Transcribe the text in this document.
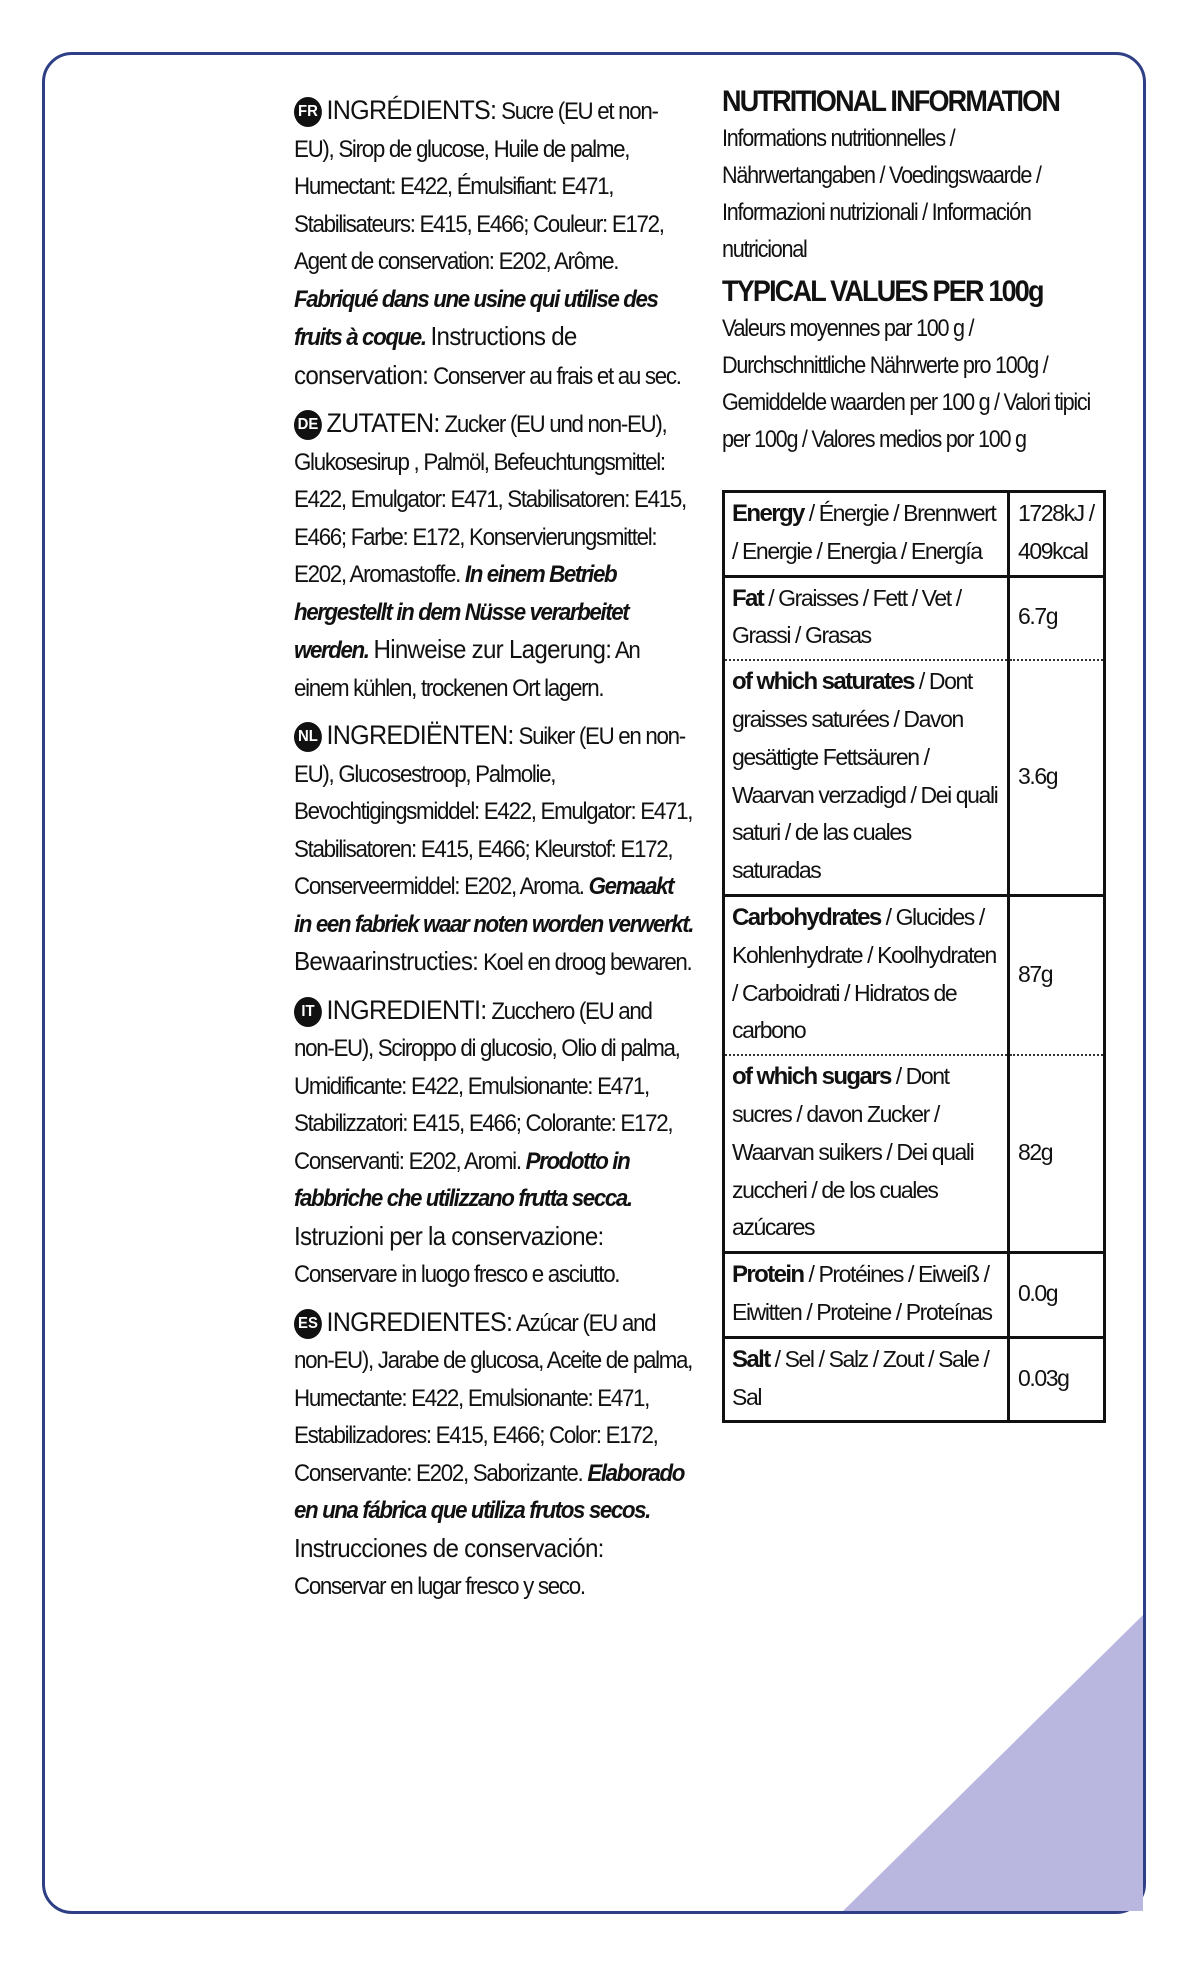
FR INGRÉDIENTS: Sucre (EU et non-EU), Sirop de glucose, Huile de palme, Humectant: E422, Émulsifiant: E471, Stabilisateurs: E415, E466; Couleur: E172, Agent de conservation: E202, Arôme. Fabriqué dans une usine qui utilise des fruits à coque. Instructions de conservation: Conserver au frais et au sec.
DE ZUTATEN: Zucker (EU und non-EU), Glukosesirup , Palmöl, Befeuchtungsmittel: E422, Emulgator: E471, Stabilisatoren: E415, E466; Farbe: E172, Konservierungsmittel: E202, Aromastoffe. In einem Betrieb hergestellt in dem Nüsse verarbeitet werden. Hinweise zur Lagerung: An einem kühlen, trockenen Ort lagern.
NL INGREDIËNTEN: Suiker (EU en non-EU), Glucosestroop, Palmolie, Bevochtigingsmiddel: E422, Emulgator: E471, Stabilisatoren: E415, E466; Kleurstof: E172, Conserveermiddel: E202, Aroma. Gemaakt in een fabriek waar noten worden verwerkt. Bewaarinstructies: Koel en droog bewaren.
IT INGREDIENTI: Zucchero (EU and non-EU), Sciroppo di glucosio, Olio di palma, Umidificante: E422, Emulsionante: E471, Stabilizzatori: E415, E466; Colorante: E172, Conservanti: E202, Aromi. Prodotto in fabbriche che utilizzano frutta secca. Istruzioni per la conservazione: Conservare in luogo fresco e asciutto.
ES INGREDIENTES: Azúcar (EU and non-EU), Jarabe de glucosa, Aceite de palma, Humectante: E422, Emulsionante: E471, Estabilizadores: E415, E466; Color: E172, Conservante: E202, Saborizante. Elaborado en una fábrica que utiliza frutos secos. Instrucciones de conservación: Conservar en lugar fresco y seco.
NUTRITIONAL INFORMATION
Informations nutritionnelles / Nährwertangaben / Voedingswaarde / Informazioni nutrizionali / Información nutricional
TYPICAL VALUES PER 100g
Valeurs moyennes par 100 g / Durchschnittliche Nährwerte pro 100g / Gemiddelde waarden per 100 g / Valori tipici per 100g / Valores medios por 100 g
Energy / Énergie / Brennwert / Energie / Energia / Energía	1728kJ / 409kcal
Fat / Graisses / Fett / Vet / Grassi / Grasas	6.7g
of which saturates / Dont graisses saturées / Davon gesättigte Fettsäuren / Waarvan verzadigd / Dei quali saturi / de las cuales saturadas	3.6g
Carbohydrates / Glucides / Kohlenhydrate / Koolhydraten / Carboidrati / Hidratos de carbono	87g
of which sugars / Dont sucres / davon Zucker / Waarvan suikers / Dei quali zuccheri / de los cuales azúcares	82g
Protein / Protéines / Eiweiß / Eiwitten / Proteine / Proteínas	0.0g
Salt / Sel / Salz / Zout / Sale / Sal	0.03g
